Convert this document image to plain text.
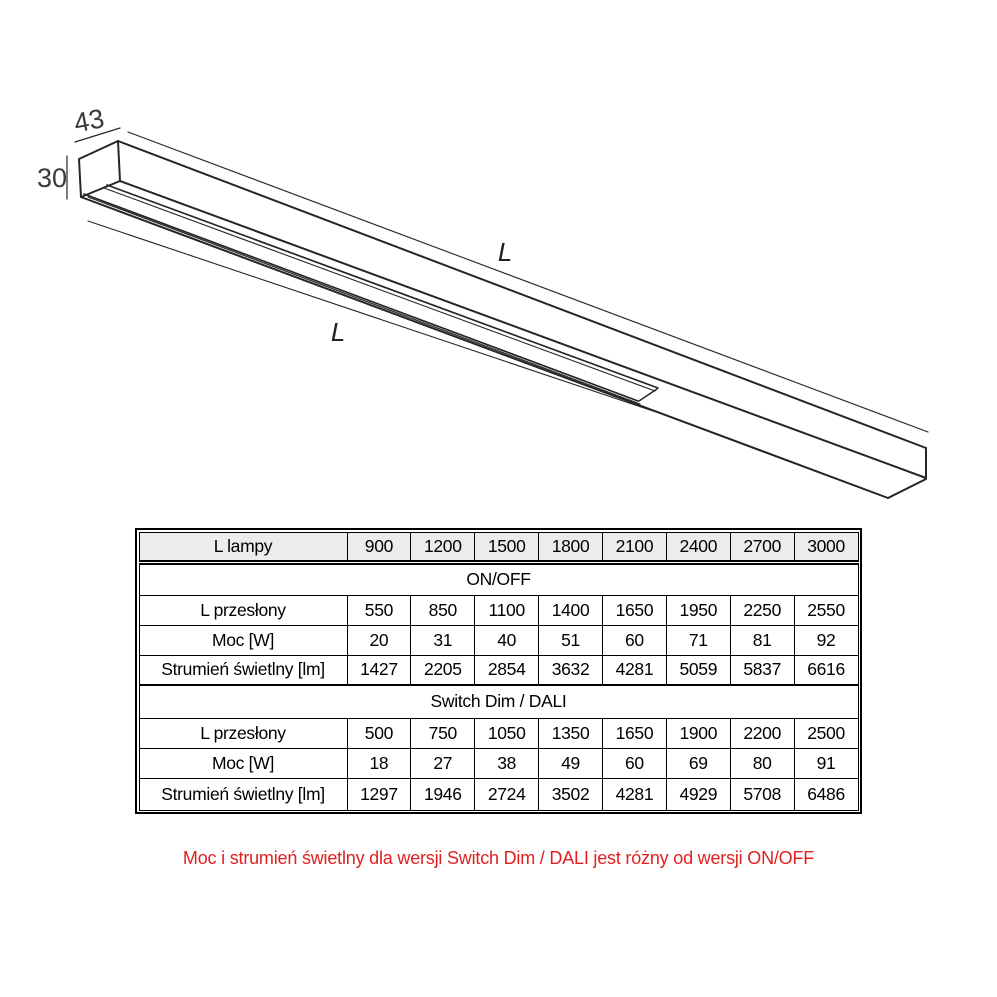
43
30
L
L
L lampy	900	1200	1500	1800	2100	2400	2700	3000
ON/OFF								
L przesłony	550	850	1100	1400	1650	1950	2250	2550
Moc [W]	20	31	40	51	60	71	81	92
Strumień świetlny [lm]	1427	2205	2854	3632	4281	5059	5837	6616
Switch Dim / DALI								
L przesłony	500	750	1050	1350	1650	1900	2200	2500
Moc [W]	18	27	38	49	60	69	80	91
Strumień świetlny [lm]	1297	1946	2724	3502	4281	4929	5708	6486
Moc i strumień świetlny dla wersji Switch Dim / DALI jest różny od wersji ON/OFF
